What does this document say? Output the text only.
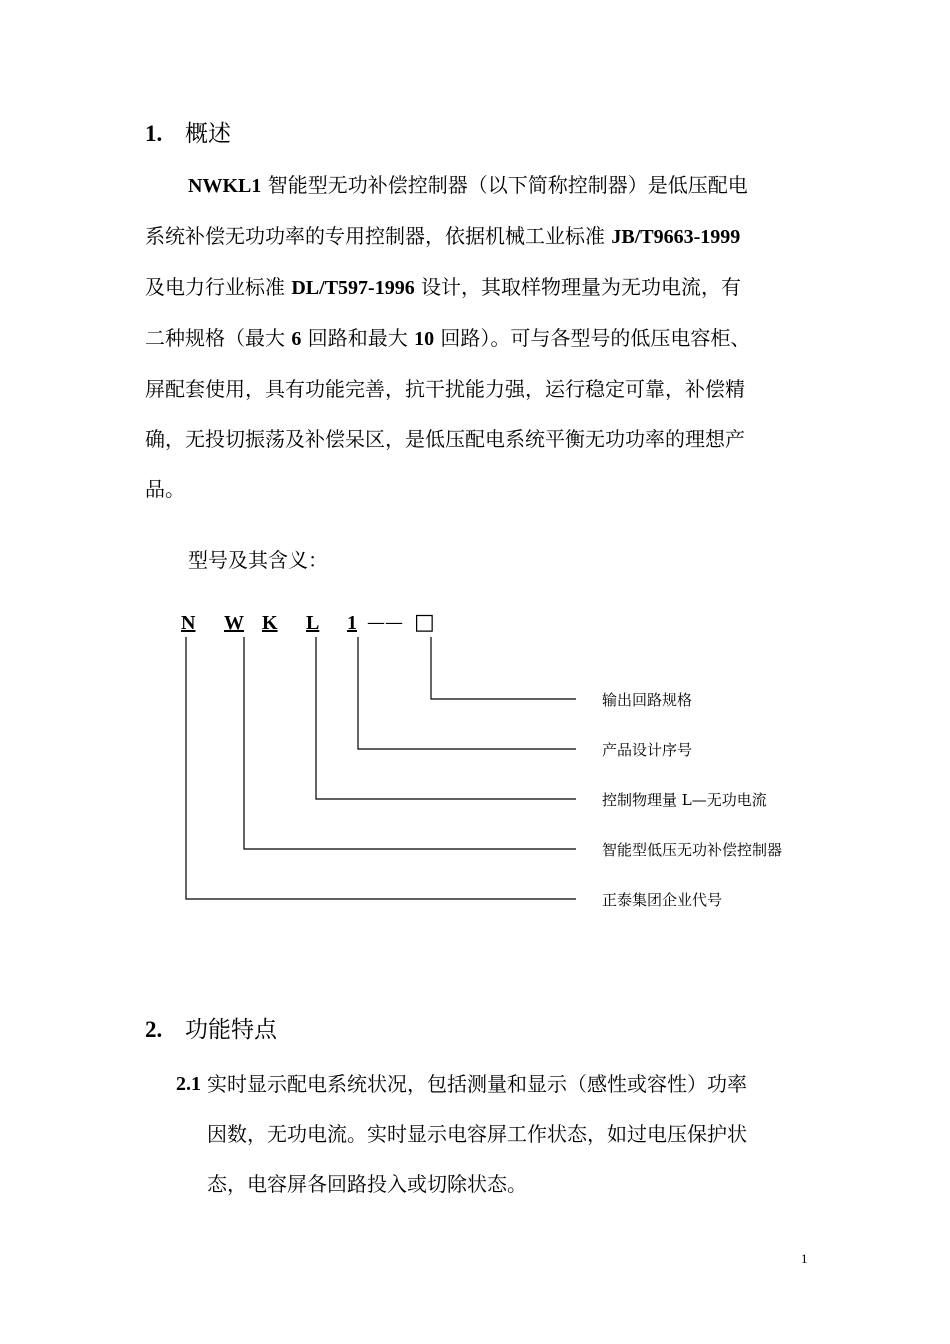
1. 概述
NWKL1 智能型无功补偿控制器（以下简称控制器）是低压配电
系统补偿无功功率的专用控制器，依据机械工业标准 JB/T9663-1999
及电力行业标准 DL/T597-1996 设计，其取样物理量为无功电流，有
二种规格（最大 6 回路和最大 10 回路）。可与各型号的低压电容柜、
屏配套使用，具有功能完善，抗干扰能力强，运行稳定可靠，补偿精
确，无投切振荡及补偿呆区，是低压配电系统平衡无功功率的理想产
品。
型号及其含义：
N W K L 1 —— □
输出回路规格
产品设计序号
控制物理量 L—无功电流
智能型低压无功补偿控制器
正泰集团企业代号
2. 功能特点
2.1 实时显示配电系统状况，包括测量和显示（感性或容性）功率
因数，无功电流。实时显示电容屏工作状态，如过电压保护状
态，电容屏各回路投入或切除状态。
1
